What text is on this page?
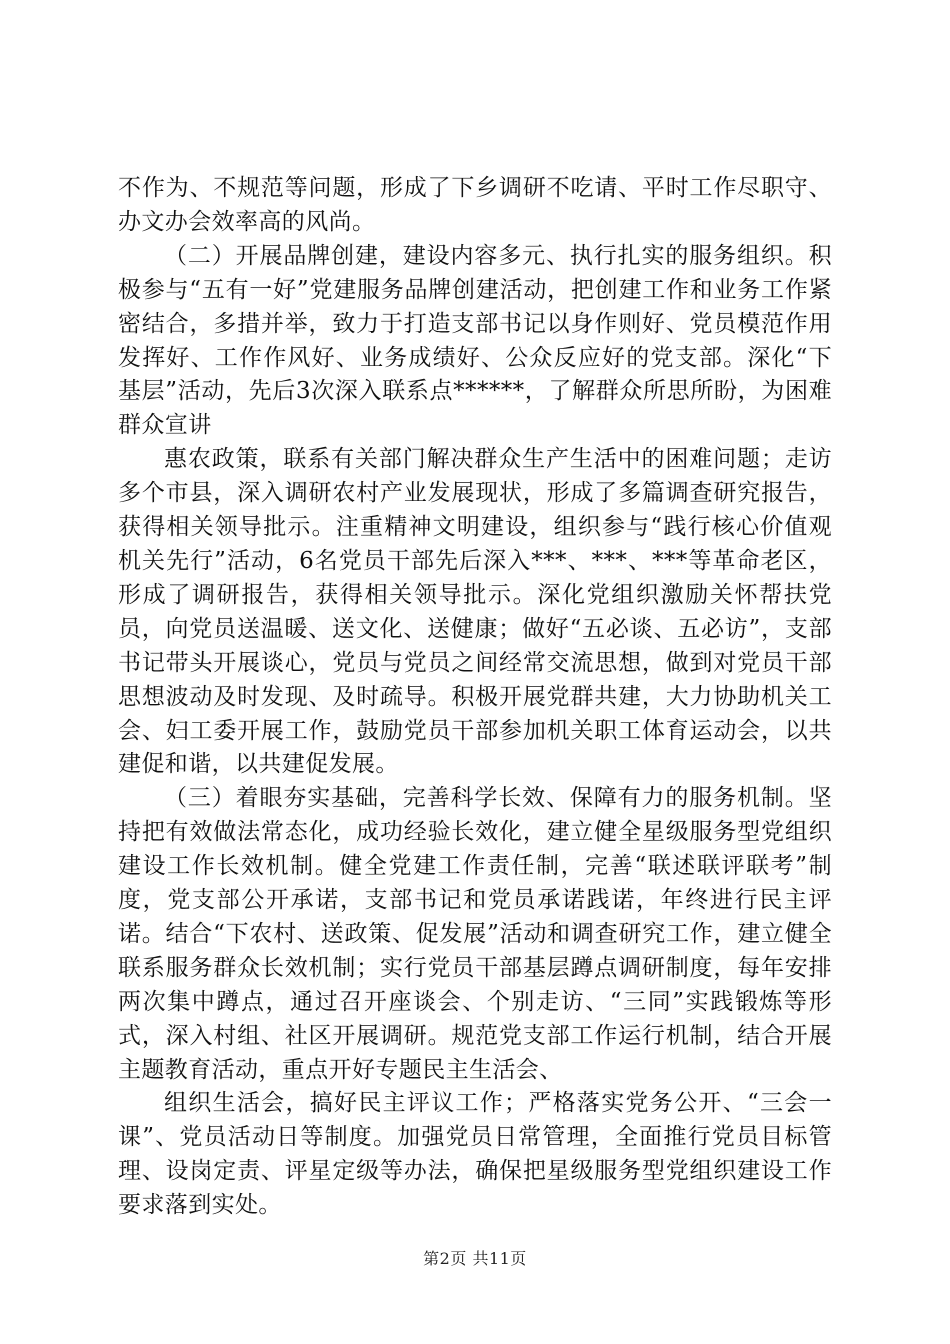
不作为、不规范等问题，形成了下乡调研不吃请、平时工作尽职守、办文办会效率高的风尚。

（二）开展品牌创建，建设内容多元、执行扎实的服务组织。积极参与“五有一好”党建服务品牌创建活动，把创建工作和业务工作紧密结合，多措并举，致力于打造支部书记以身作则好、党员模范作用发挥好、工作作风好、业务成绩好、公众反应好的党支部。深化“下基层”活动，先后3次深入联系点******，了解群众所思所盼，为困难群众宣讲

惠农政策，联系有关部门解决群众生产生活中的困难问题；走访多个市县，深入调研农村产业发展现状，形成了多篇调查研究报告，获得相关领导批示。注重精神文明建设，组织参与“践行核心价值观机关先行”活动，6名党员干部先后深入***、***、***等革命老区，形成了调研报告，获得相关领导批示。深化党组织激励关怀帮扶党员，向党员送温暖、送文化、送健康；做好“五必谈、五必访”，支部书记带头开展谈心，党员与党员之间经常交流思想，做到对党员干部思想波动及时发现、及时疏导。积极开展党群共建，大力协助机关工会、妇工委开展工作，鼓励党员干部参加机关职工体育运动会，以共建促和谐，以共建促发展。

（三）着眼夯实基础，完善科学长效、保障有力的服务机制。坚持把有效做法常态化，成功经验长效化，建立健全星级服务型党组织建设工作长效机制。健全党建工作责任制，完善“联述联评联考”制度，党支部公开承诺，支部书记和党员承诺践诺，年终进行民主评诺。结合“下农村、送政策、促发展”活动和调查研究工作，建立健全联系服务群众长效机制；实行党员干部基层蹲点调研制度，每年安排两次集中蹲点，通过召开座谈会、个别走访、“三同”实践锻炼等形式，深入村组、社区开展调研。规范党支部工作运行机制，结合开展主题教育活动，重点开好专题民主生活会、

组织生活会，搞好民主评议工作；严格落实党务公开、“三会一课”、党员活动日等制度。加强党员日常管理，全面推行党员目标管理、设岗定责、评星定级等办法，确保把星级服务型党组织建设工作要求落到实处。

第2页 共11页
